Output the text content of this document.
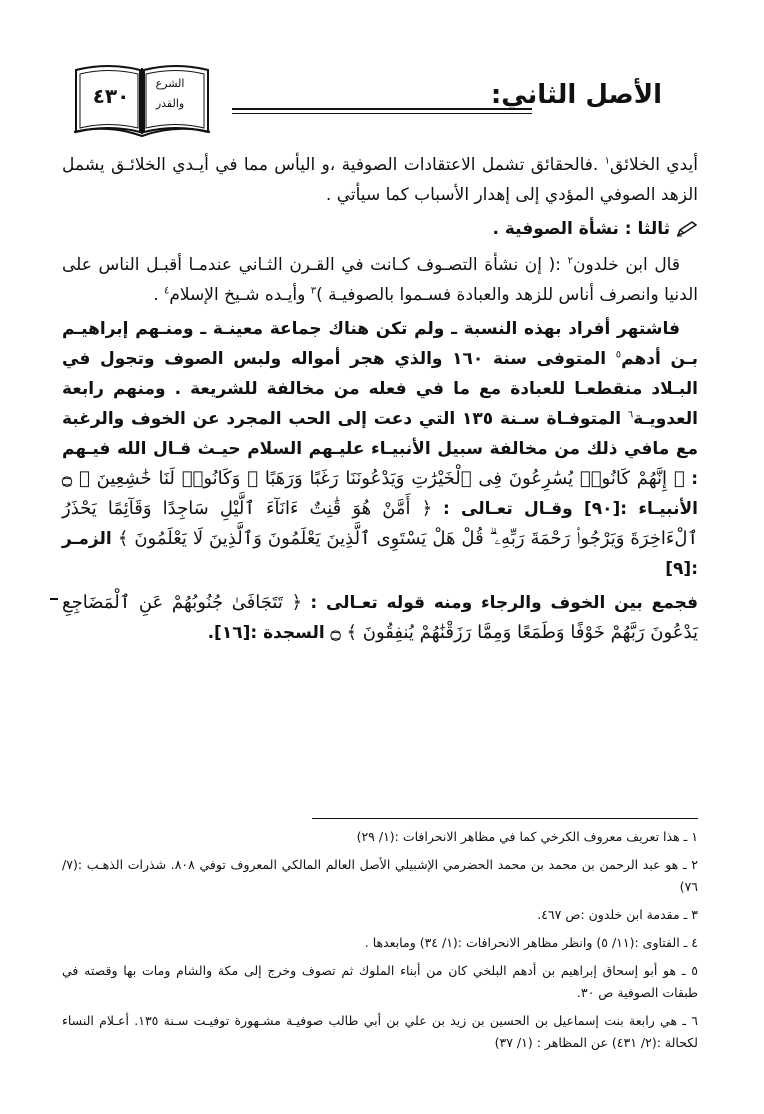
٤٣٠
الشرع
والقدر	الأصل الثاني:

أيدي الخلائق$^١$ .فالحقائق تشمل الاعتقادات الصوفية ،و اليأس مما في أيـدي الخلائـق يشمل الزهد الصوفي المؤدي إلى إهدار الأسباب كما سيأتي .

ثالثا : نشأة الصوفية .

قال ابن خلدون$^٢$ :( إن نشأة التصـوف كـانت في القـرن الثـاني عندمـا أقبـل الناس على الدنيا وانصرف أناس للزهد والعبادة فسـموا بالصوفيـة )$^٣$ وأيـده شـيخ الإسلام$^٤$ .

فاشتهر أفراد بهذه النسبة ـ ولم تكن هناك جماعة معينـة ـ ومنـهم إبراهيـم بـن أدهم$^٥$ المتوفى سنة ١٦٠ والذي هجر أمواله ولبس الصوف وتجول في البـلاد منقطعـا للعبادة مع ما في فعله من مخالفة للشريعة . ومنهم رابعة العدويـة$^٦$ المتوفـاة سـنة ١٣٥ التي دعت إلى الحب المجرد عن الخوف والرغبة مع مافي ذلك من مخالفة سبيل الأنبيـاء عليـهم السلام حيـث قـال الله فيـهم : ﴿ إِنَّهُمْ كَانُوا۟ يُسَٰرِعُونَ فِى ٱلْخَيْرَٰتِ وَيَدْعُونَنَا رَغَبًا وَرَهَبًا ۖ وَكَانُوا۟ لَنَا خَٰشِعِينَ ﴾ ۝ الأنبيـاء :[٩٠] وقـال تعـالى : ﴿ أَمَّنْ هُوَ قَٰنِتٌ ءَانَآءَ ٱلَّيْلِ سَاجِدًا وَقَآئِمًا يَحْذَرُ ٱلْءَاخِرَةَ وَيَرْجُوا۟ رَحْمَةَ رَبِّهِۦ ۗ قُلْ هَلْ يَسْتَوِى ٱلَّذِينَ يَعْلَمُونَ وَٱلَّذِينَ لَا يَعْلَمُونَ ﴾ الزمـر :[٩]

فجمع بين الخوف والرجاء ومنه قوله تعـالى : ﴿ تَتَجَافَىٰ جُنُوبُهُمْ عَنِ ٱلْمَضَاجِعِ يَدْعُونَ رَبَّهُمْ خَوْفًا وَطَمَعًا وَمِمَّا رَزَقْنَٰهُمْ يُنفِقُونَ ﴾ ۝ السجدة :[١٦].

١ ـ هذا تعريف معروف الكرخي كما في مظاهر الانحرافات :(١/ ٢٩)

٢ ـ هو عبد الرحمن بن محمد بن محمد الحضرمي الإشبيلي الأصل العالم المالكي المعروف توفي ٨٠٨. شذرات الذهـب :(٧/ ٧٦)

٣ ـ مقدمة ابن خلدون :ص ٤٦٧.

٤ ـ الفتاوى :(١١/ ٥) وانظر مظاهر الانحرافات :(١/ ٣٤) ومابعدها .

٥ ـ هو أبو إسحاق إبراهيم بن أدهم البلخي كان من أبناء الملوك ثم تصوف وخرج إلى مكة والشام ومات بها وقصته في طبقات الصوفية ص ٣٠.

٦ ـ هي رابعة بنت إسماعيل بن الحسين بن زيد بن علي بن أبي طالب صوفيـة مشـهورة توفيـت سـنة ١٣٥. أعـلام النساء لكحالة :(٢/ ٤٣١) عن المظاهر : (١/ ٣٧)
